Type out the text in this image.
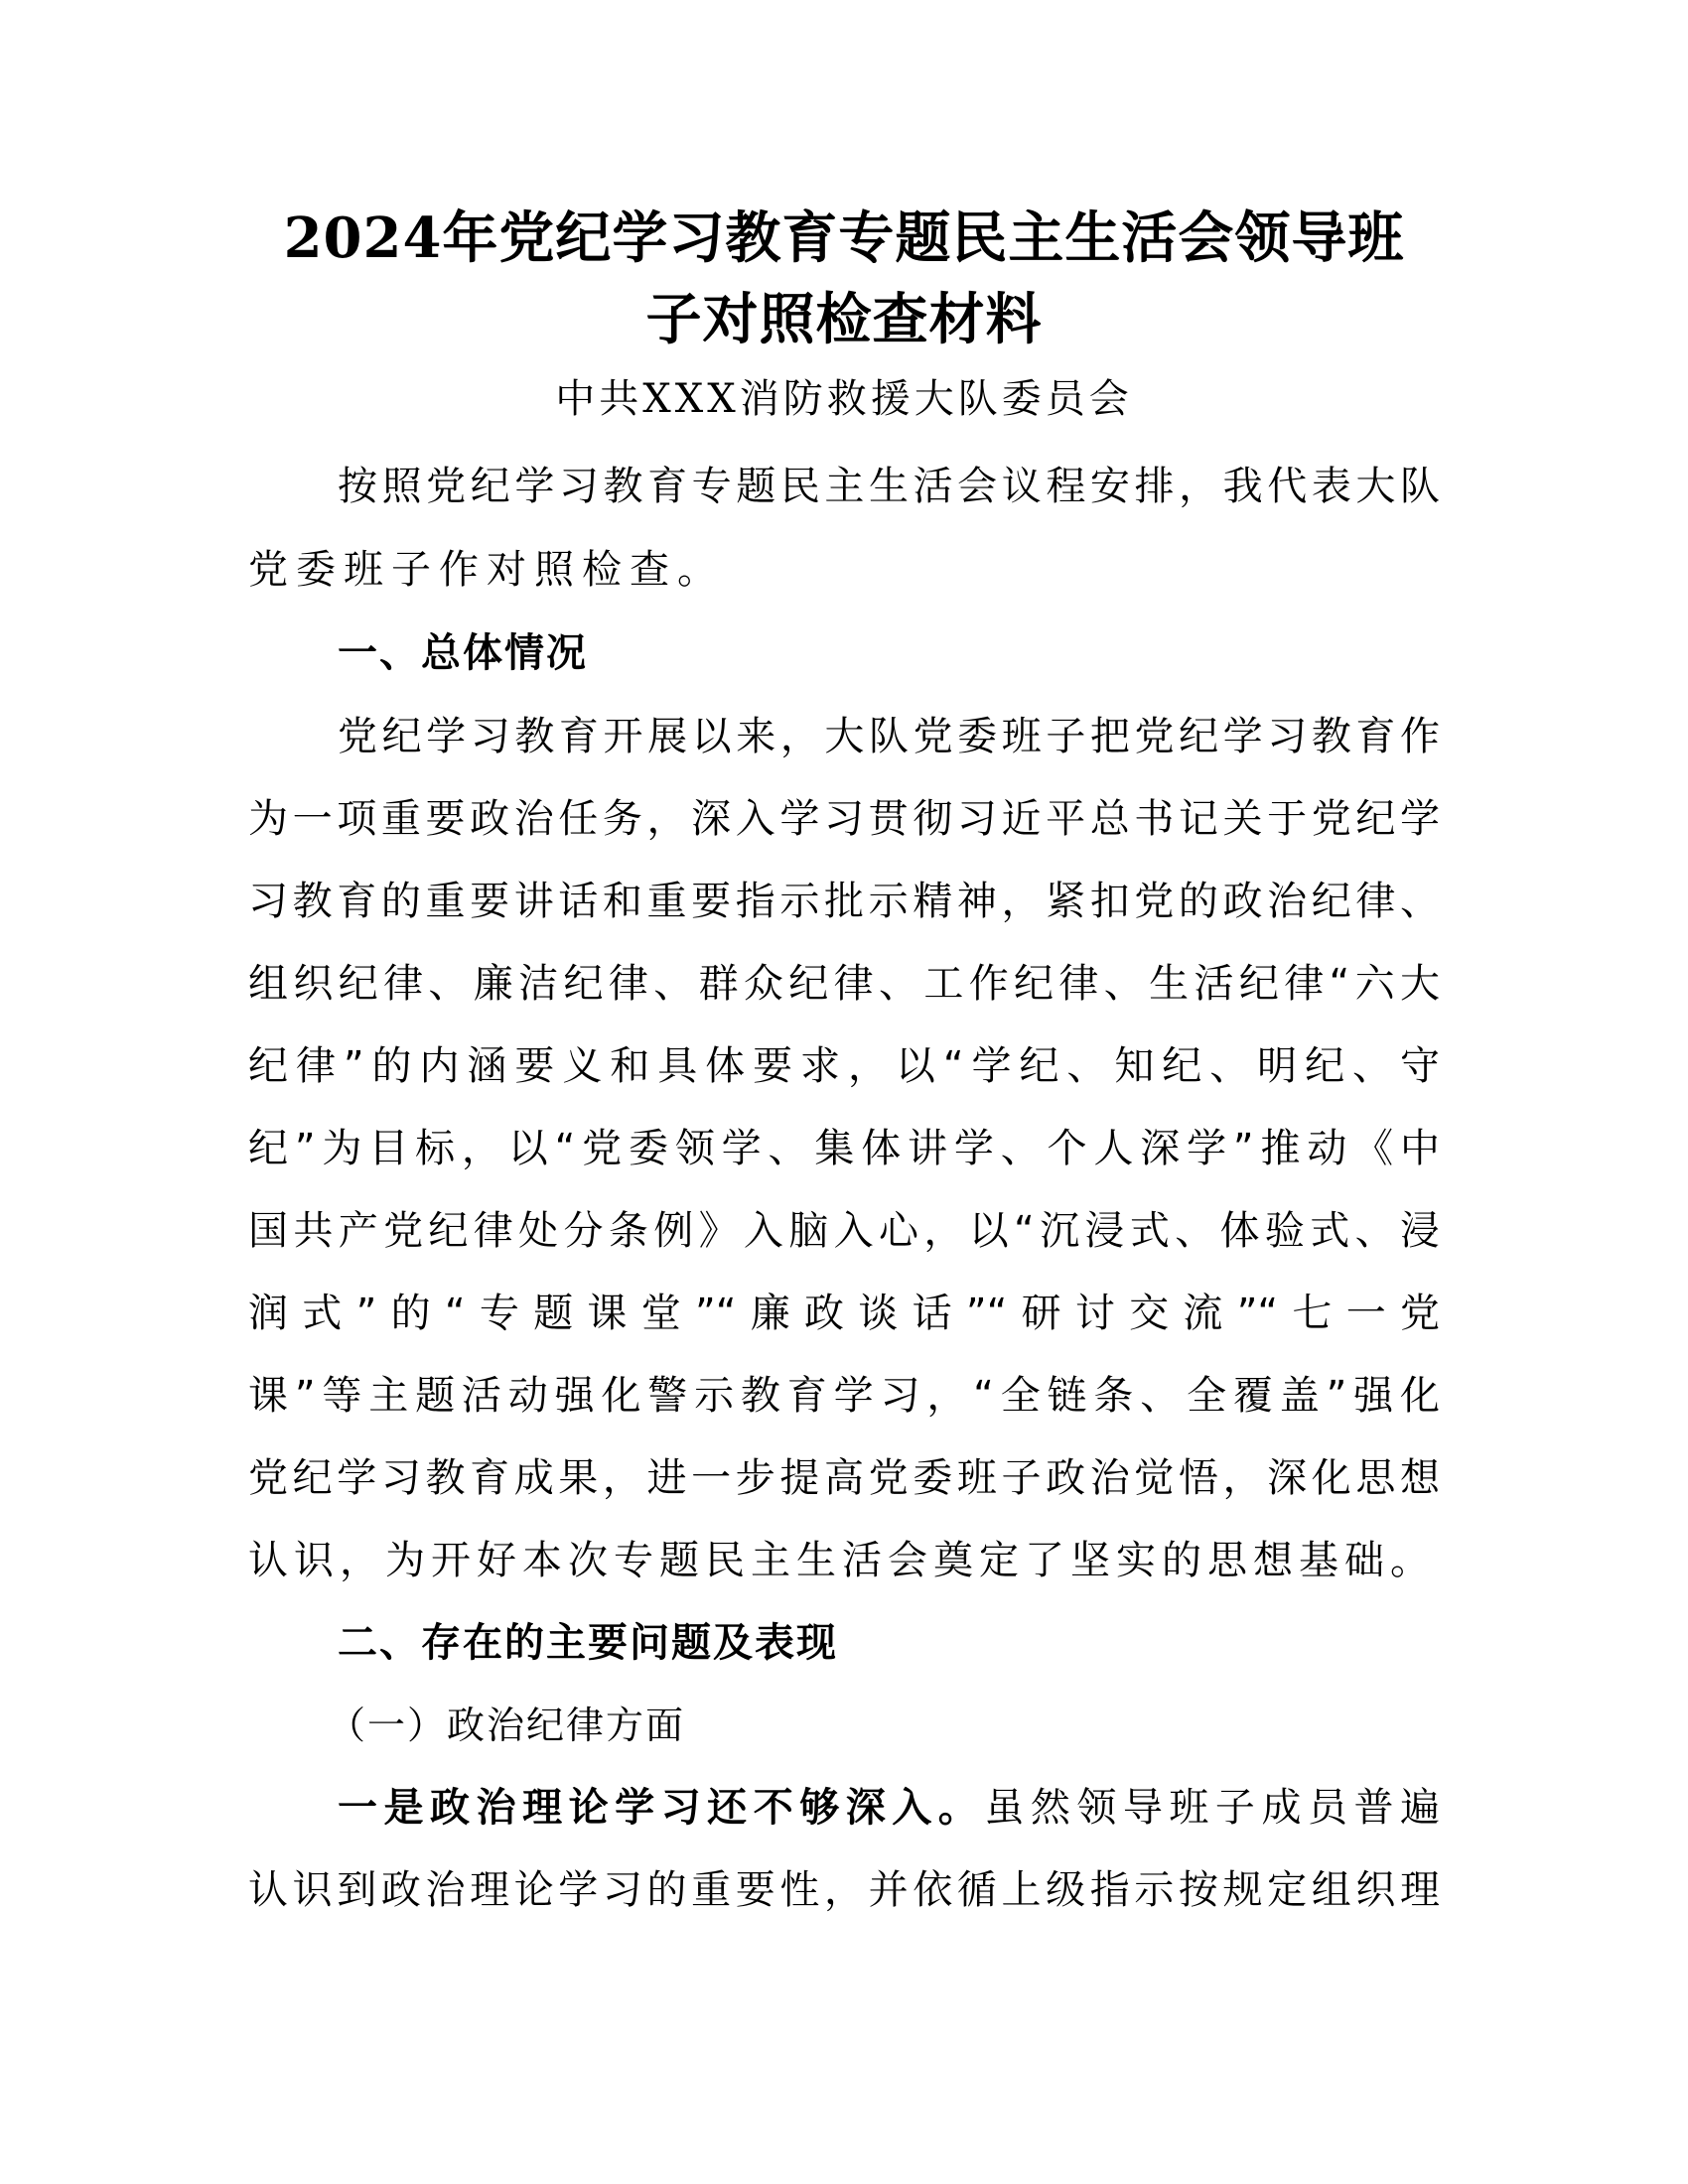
2024年党纪学习教育专题民主生活会领导班
子对照检查材料
中共XXX消防救援大队委员会
按照党纪学习教育专题民主生活会议程安排，我代表大队
党委班子作对照检查。
一、总体情况
党纪学习教育开展以来，大队党委班子把党纪学习教育作
为一项重要政治任务，深入学习贯彻习近平总书记关于党纪学
习教育的重要讲话和重要指示批示精神，紧扣党的政治纪律、
组织纪律、廉洁纪律、群众纪律、工作纪律、生活纪律“六大
纪律”的内涵要义和具体要求，以“学纪、知纪、明纪、守
纪”为目标，以“党委领学、集体讲学、个人深学”推动《中
国共产党纪律处分条例》入脑入心，以“沉浸式、体验式、浸
润式”的“专题课堂”“廉政谈话”“研讨交流”“七一党
课”等主题活动强化警示教育学习，“全链条、全覆盖”强化
党纪学习教育成果，进一步提高党委班子政治觉悟，深化思想
认识，为开好本次专题民主生活会奠定了坚实的思想基础。
二、存在的主要问题及表现
（一）政治纪律方面
一是政治理论学习还不够深入。虽然领导班子成员普遍
认识到政治理论学习的重要性，并依循上级指示按规定组织理
